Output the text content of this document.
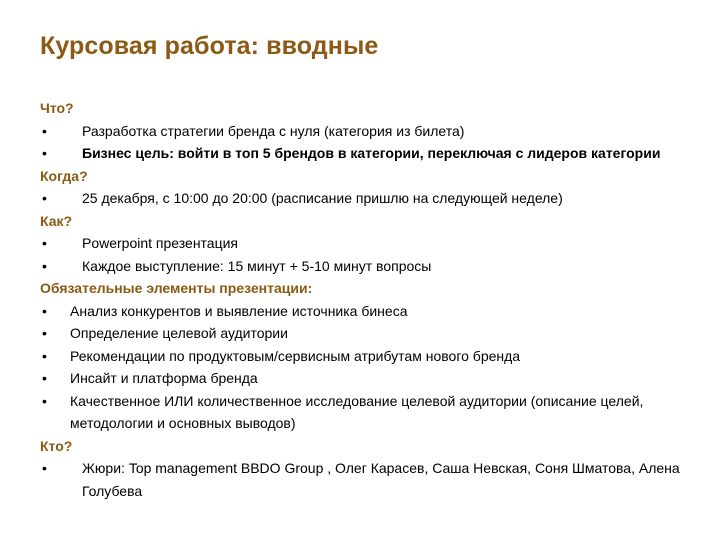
Курсовая работа: вводные
Что?
•	Разработка стратегии бренда с нуля (категория из билета)
•	Бизнес цель: войти в топ 5 брендов в категории, переключая с лидеров категории
Когда?
•	25 декабря, с 10:00 до 20:00 (расписание пришлю на следующей неделе)
Как?
•	Powerpoint презентация
•	Каждое выступление: 15 минут + 5-10 минут вопросы
Обязательные элементы презентации:
•	Анализ конкурентов и выявление источника бинеса
•	Определение целевой аудитории
•	Рекомендации по продуктовым/сервисным атрибутам нового бренда
•	Инсайт и платформа бренда
•	Качественное ИЛИ количественное исследование целевой аудитории (описание целей, методологии и основных выводов)
Кто?
•	Жюри: Top management BBDO Group , Олег Карасев, Саша Невская, Соня Шматова, Алена Голубева
